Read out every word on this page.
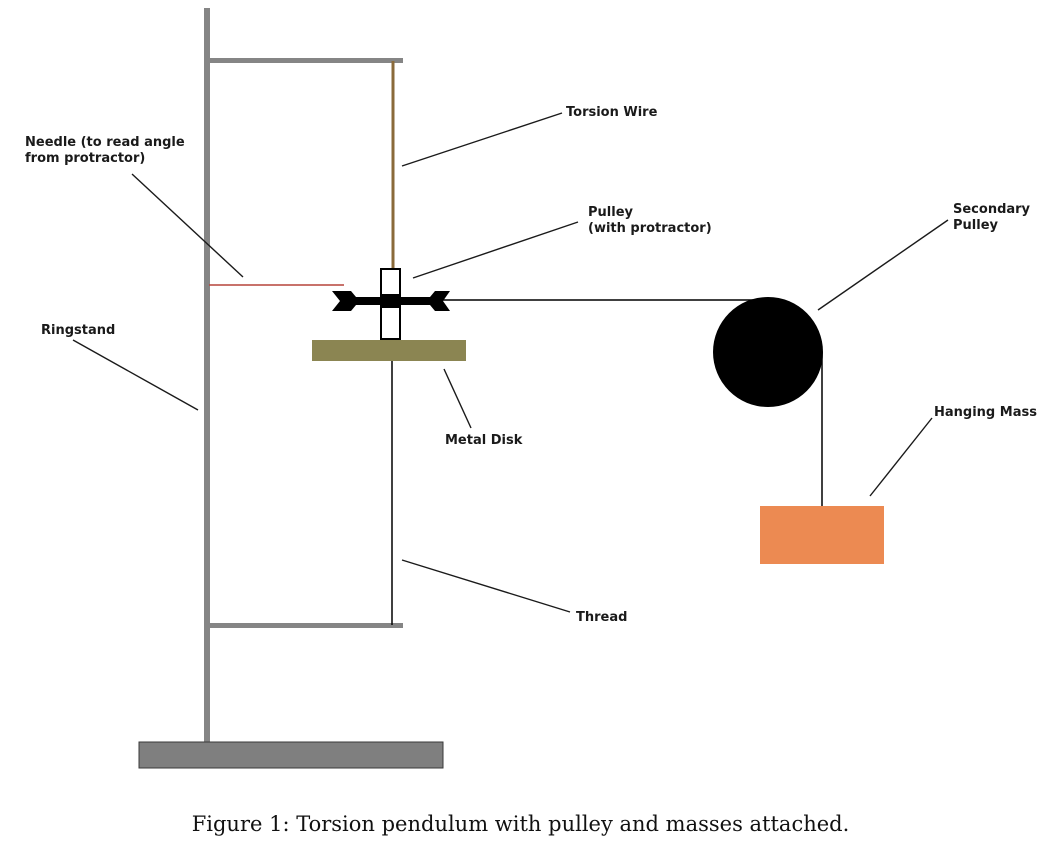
Needle (to read angle
from protractor)
Torsion Wire
Pulley
(with protractor)
Secondary
Pulley
Ringstand
Metal Disk
Hanging Mass
Thread
Figure 1: Torsion pendulum with pulley and masses attached.
